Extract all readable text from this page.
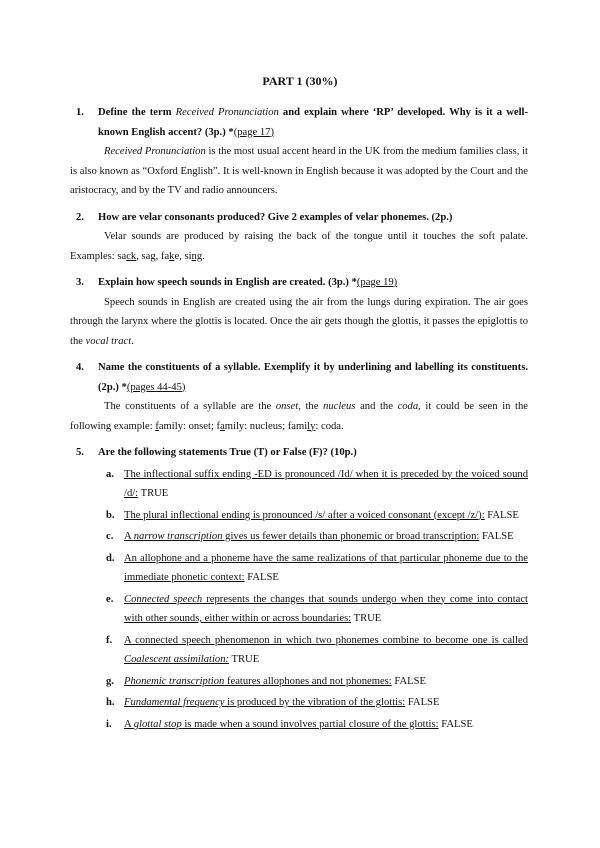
PART 1 (30%)
1.	Define the term Received Pronunciation and explain where ‘RP’ developed. Why is it a well-known English accent? (3p.) *(page 17)
Received Pronunciation is the most usual accent heard in the UK from the medium families class, it is also known as “Oxford English”. It is well-known in English because it was adopted by the Court and the aristocracy, and by the TV and radio announcers.
2.	How are velar consonants produced? Give 2 examples of velar phonemes. (2p.)
Velar sounds are produced by raising the back of the tongue until it touches the soft palate. Examples: sack, sag, fake, sing.
3.	Explain how speech sounds in English are created. (3p.) *(page 19)
Speech sounds in English are created using the air from the lungs during expiration. The air goes through the larynx where the glottis is located. Once the air gets though the glottis, it passes the epiglottis to the vocal tract.
4.	Name the constituents of a syllable. Exemplify it by underlining and labelling its constituents. (2p.) *(pages 44-45)
The constituents of a syllable are the onset, the nucleus and the coda, it could be seen in the following example: family: onset; family: nucleus; family: coda.
5.	Are the following statements True (T) or False (F)? (10p.)
a. The inflectional suffix ending -ED is pronounced /Id/ when it is preceded by the voiced sound /d/: TRUE
b. The plural inflectional ending is pronounced /s/ after a voiced consonant (except /z/): FALSE
c.	A narrow transcription gives us fewer details than phonemic or broad transcription: FALSE
d. An allophone and a phoneme have the same realizations of that particular phoneme due to the immediate phonetic context: FALSE
e.	Connected speech represents the changes that sounds undergo when they come into contact with other sounds, either within or across boundaries: TRUE
f.	A connected speech phenomenon in which two phonemes combine to become one is called Coalescent assimilation: TRUE
g. Phonemic transcription features allophones and not phonemes: FALSE
h. Fundamental frequency is produced by the vibration of the glottis: FALSE
i.	A glottal stop is made when a sound involves partial closure of the glottis: FALSE
